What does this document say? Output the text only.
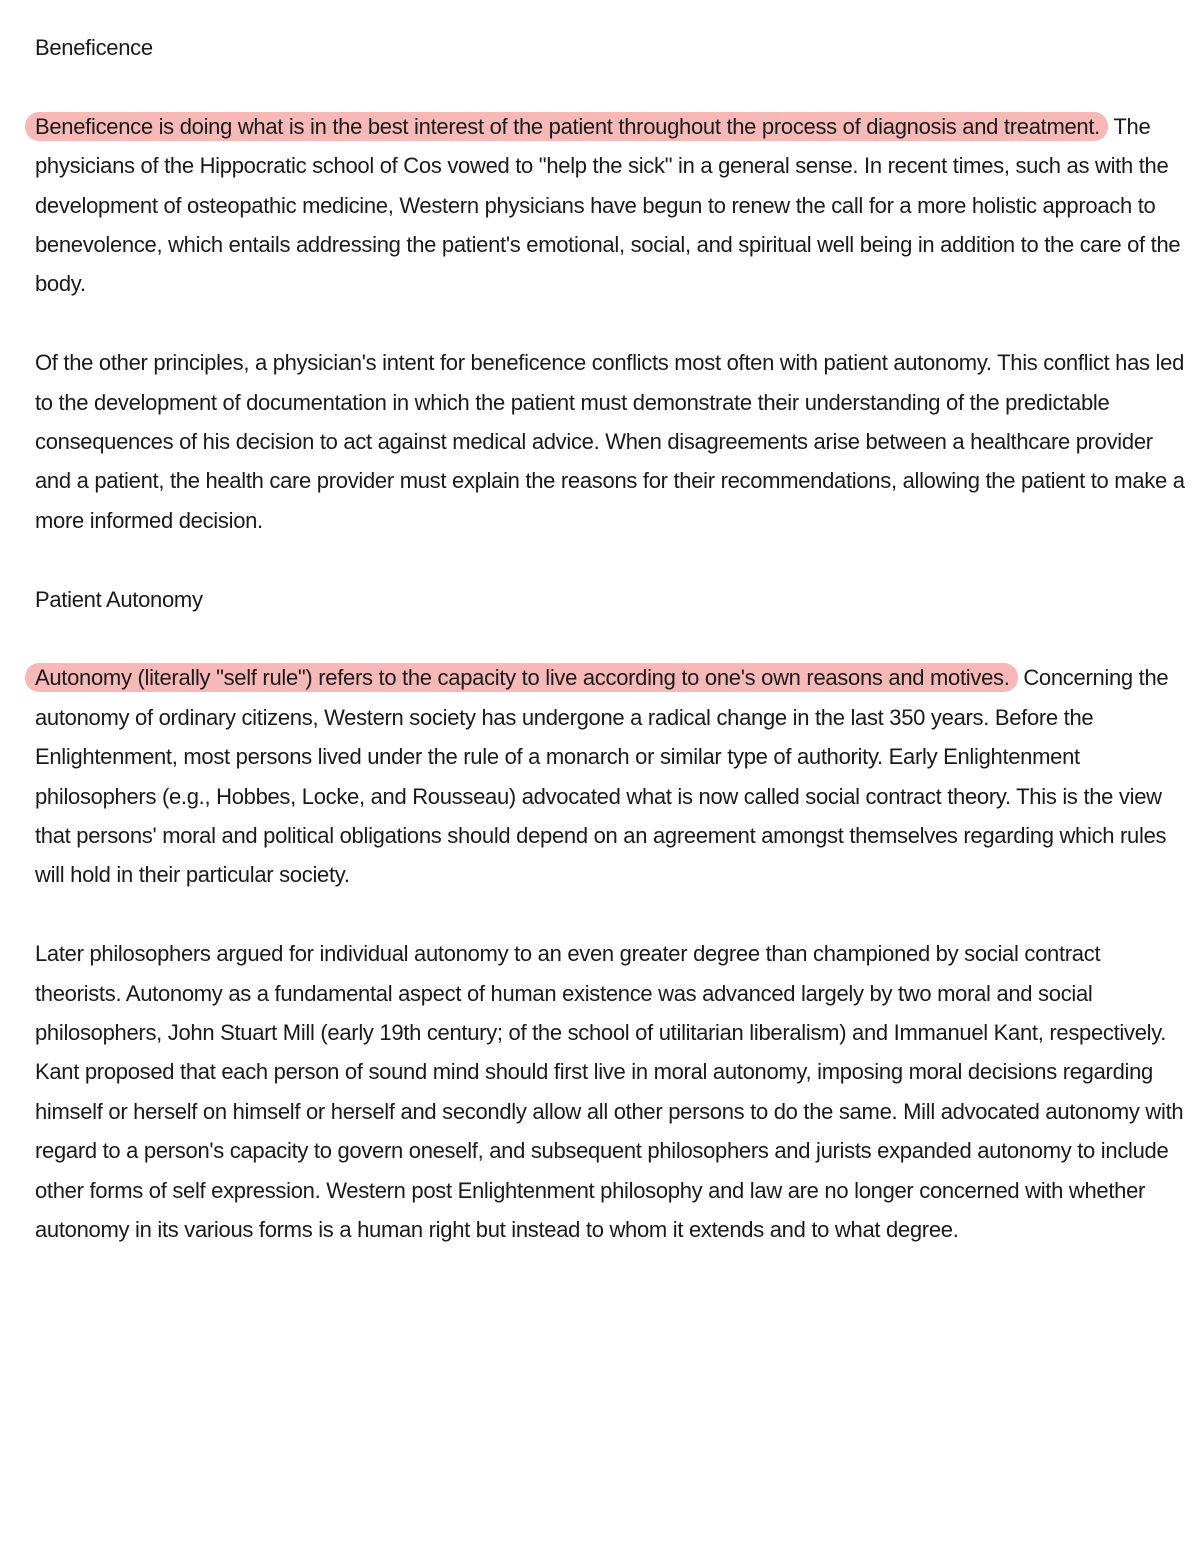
Beneficence

Beneficence is doing what is in the best interest of the patient throughout the process of diagnosis and treatment. The physicians of the Hippocratic school of Cos vowed to "help the sick" in a general sense. In recent times, such as with the development of osteopathic medicine, Western physicians have begun to renew the call for a more holistic approach to benevolence, which entails addressing the patient's emotional, social, and spiritual well being in addition to the care of the body.

Of the other principles, a physician's intent for beneficence conflicts most often with patient autonomy. This conflict has led to the development of documentation in which the patient must demonstrate their understanding of the predictable consequences of his decision to act against medical advice. When disagreements arise between a healthcare provider and a patient, the health care provider must explain the reasons for their recommendations, allowing the patient to make a more informed decision.

Patient Autonomy

Autonomy (literally "self rule") refers to the capacity to live according to one's own reasons and motives. Concerning the autonomy of ordinary citizens, Western society has undergone a radical change in the last 350 years. Before the Enlightenment, most persons lived under the rule of a monarch or similar type of authority. Early Enlightenment philosophers (e.g., Hobbes, Locke, and Rousseau) advocated what is now called social contract theory. This is the view that persons' moral and political obligations should depend on an agreement amongst themselves regarding which rules will hold in their particular society.

Later philosophers argued for individual autonomy to an even greater degree than championed by social contract theorists. Autonomy as a fundamental aspect of human existence was advanced largely by two moral and social philosophers, John Stuart Mill (early 19th century; of the school of utilitarian liberalism) and Immanuel Kant, respectively. Kant proposed that each person of sound mind should first live in moral autonomy, imposing moral decisions regarding himself or herself on himself or herself and secondly allow all other persons to do the same. Mill advocated autonomy with regard to a person's capacity to govern oneself, and subsequent philosophers and jurists expanded autonomy to include other forms of self expression. Western post Enlightenment philosophy and law are no longer concerned with whether autonomy in its various forms is a human right but instead to whom it extends and to what degree.
